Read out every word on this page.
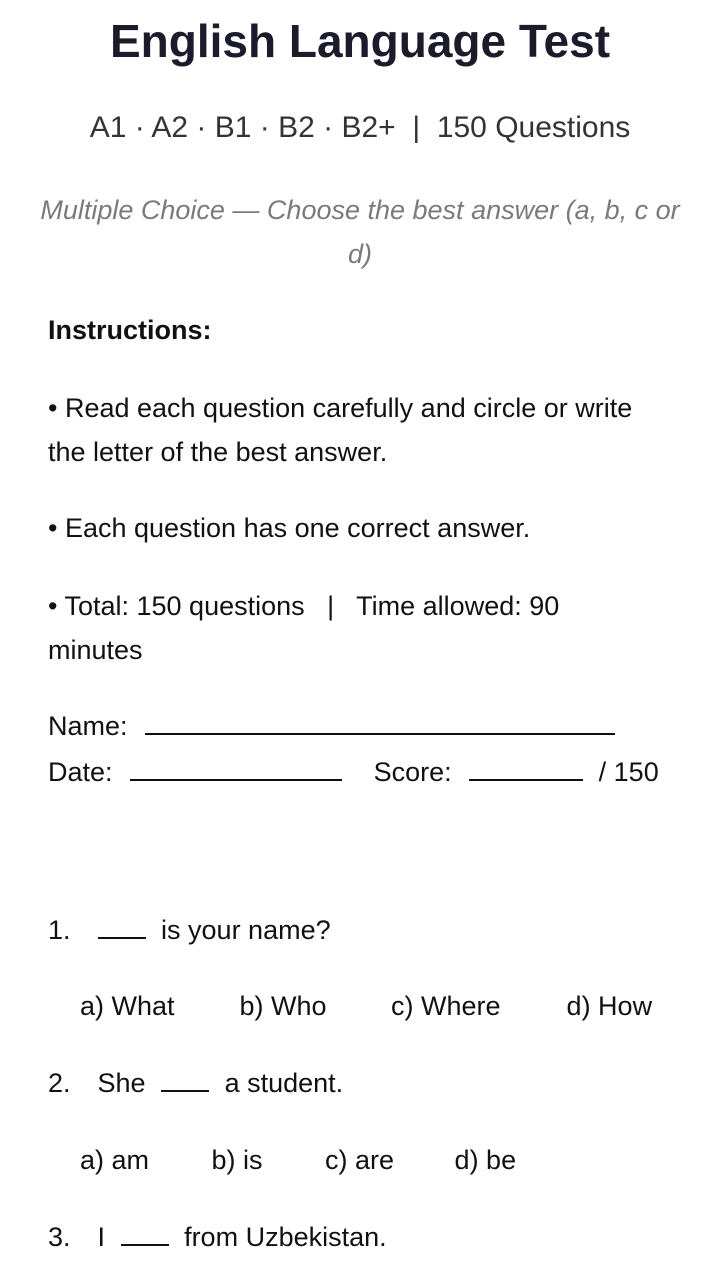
English Language Test
A1 · A2 · B1 · B2 · B2+  |  150 Questions
Multiple Choice — Choose the best answer (a, b, c or d)
Instructions:
• Read each question carefully and circle or write the letter of the best answer.
• Each question has one correct answer.
• Total: 150 questions   |   Time allowed: 90 minutes
Name:
Date:	Score:	/ 150
1.	is your name?
a) What b) Who c) Where d) How
2. She	a student.
a) am b) is c) are d) be
3. I	from Uzbekistan.
